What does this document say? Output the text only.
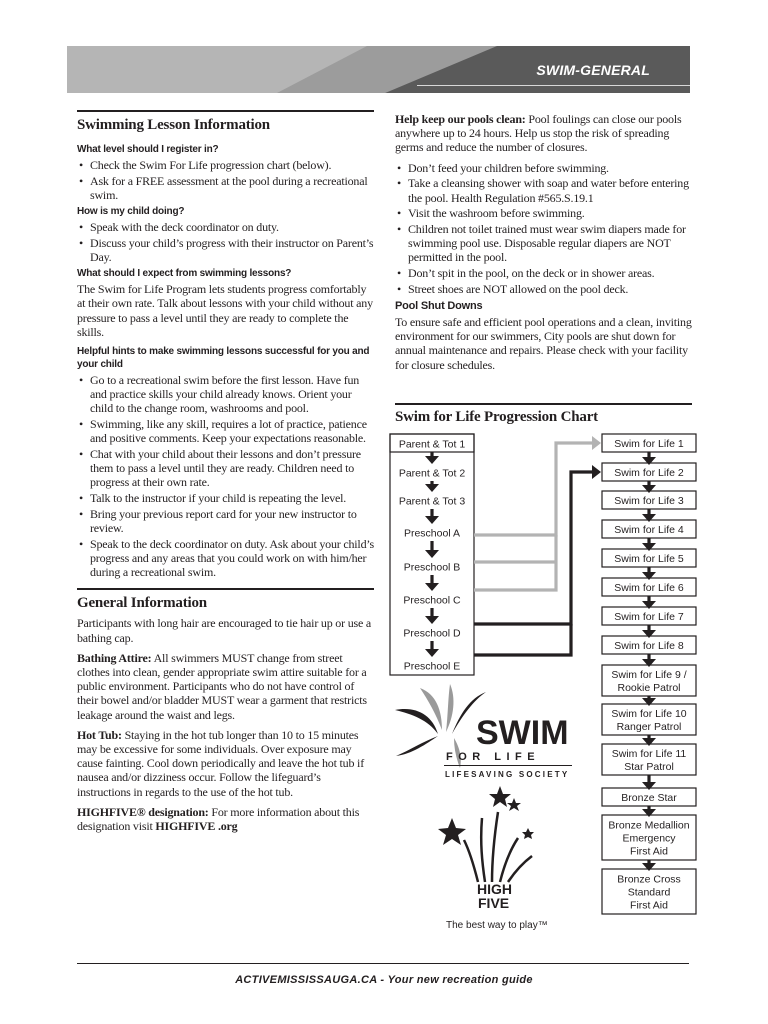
SWIM-GENERAL
Swimming Lesson Information
What level should I register in?
• Check the Swim For Life progression chart (below).
• Ask for a FREE assessment at the pool during a recreational swim.
How is my child doing?
• Speak with the deck coordinator on duty.
• Discuss your child’s progress with their instructor on Parent’s Day.
What should I expect from swimming lessons?
The Swim for Life Program lets students progress comfortably at their own rate. Talk about lessons with your child without any pressure to pass a level until they are ready to complete the skills.
Helpful hints to make swimming lessons successful for you and your child
• Go to a recreational swim before the first lesson. Have fun and practice skills your child already knows. Orient your child to the change room, washrooms and pool.
• Swimming, like any skill, requires a lot of practice, patience and positive comments. Keep your expectations reasonable.
• Chat with your child about their lessons and don’t pressure them to pass a level until they are ready. Children need to progress at their own rate.
• Talk to the instructor if your child is repeating the level.
• Bring your previous report card for your new instructor to review.
• Speak to the deck coordinator on duty. Ask about your child’s progress and any areas that you could work on with him/her during a recreational swim.
General Information
Participants with long hair are encouraged to tie hair up or use a bathing cap.
Bathing Attire: All swimmers MUST change from street clothes into clean, gender appropriate swim attire suitable for a public environment. Participants who do not have control of their bowel and/or bladder MUST wear a garment that restricts leakage around the waist and legs.
Hot Tub: Staying in the hot tub longer than 10 to 15 minutes may be excessive for some individuals. Over exposure may cause fainting. Cool down periodically and leave the hot tub if nausea and/or dizziness occur. Follow the lifeguard’s instructions in regards to the use of the hot tub.
HIGHFIVE® designation: For more information about this designation visit HIGHFIVE .org
Help keep our pools clean: Pool foulings can close our pools anywhere up to 24 hours. Help us stop the risk of spreading germs and reduce the number of closures.
• Don’t feed your children before swimming.
• Take a cleansing shower with soap and water before entering the pool. Health Regulation #565.S.19.1
• Visit the washroom before swimming.
• Children not toilet trained must wear swim diapers made for swimming pool use. Disposable regular diapers are NOT permitted in the pool.
• Don’t spit in the pool, on the deck or in shower areas.
• Street shoes are NOT allowed on the pool deck.
Pool Shut Downs
To ensure safe and efficient pool operations and a clean, inviting environment for our swimmers, City pools are shut down for annual maintenance and repairs. Please check with your facility for closure schedules.
Swim for Life Progression Chart
Parent & Tot 1
Parent & Tot 2
Parent & Tot 3
Preschool A
Preschool B
Preschool C
Preschool D
Preschool E
Swim for Life 1
Swim for Life 2
Swim for Life 3
Swim for Life 4
Swim for Life 5
Swim for Life 6
Swim for Life 7
Swim for Life 8
Swim for Life 9 /
Rookie Patrol
Swim for Life 10
Ranger Patrol
Swim for Life 11
Star Patrol
Bronze Star
Bronze Medallion
Emergency
First Aid
Bronze Cross
Standard
First Aid
SWIM
FOR LIFE
LIFESAVING SOCIETY
HIGH
FIVE
The best way to play™
ACTIVEMISSISSAUGA.CA - Your new recreation guide
